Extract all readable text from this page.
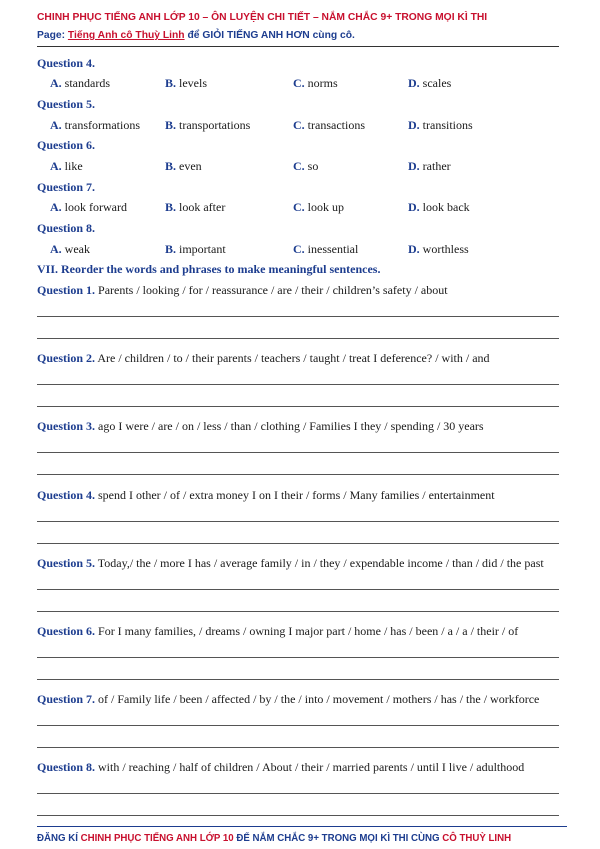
CHINH PHỤC TIẾNG ANH LỚP 10 – ÔN LUYỆN CHI TIẾT – NẮM CHẮC 9+ TRONG MỌI KÌ THI
Page: Tiếng Anh cô Thuỳ Linh để GIỎI TIẾNG ANH HƠN cùng cô.
Question 4.
A. standards	B. levels	C. norms	D. scales
Question 5.
A. transformations B. transportations	C. transactions	D. transitions
Question 6.
A. like	B. even	C. so	D. rather
Question 7.
A. look forward	B. look after	C. look up	D. look back
Question 8.
A. weak	B. important	C. inessential	D. worthless
VII. Reorder the words and phrases to make meaningful sentences.
Question 1. Parents / looking / for / reassurance / are / their / children’s safety / about
Question 2. Are / children / to / their parents / teachers / taught / treat I deference? / with / and
Question 3. ago I were / are / on / less / than / clothing / Families I they / spending / 30 years
Question 4. spend I other / of / extra money I on I their / forms / Many families / entertainment
Question 5. Today,/ the / more I has / average family / in / they / expendable income / than / did / the past
Question 6. For I many families, / dreams / owning I major part / home / has / been / a / a / their / of
Question 7. of / Family life / been / affected / by / the / into / movement / mothers / has / the / workforce
Question 8. with / reaching / half of children / About / their / married parents / until I live / adulthood
ĐĂNG KÍ CHINH PHỤC TIẾNG ANH LỚP 10 ĐỂ NẮM CHẮC 9+ TRONG MỌI KÌ THI CÙNG CÔ THUỲ LINH
